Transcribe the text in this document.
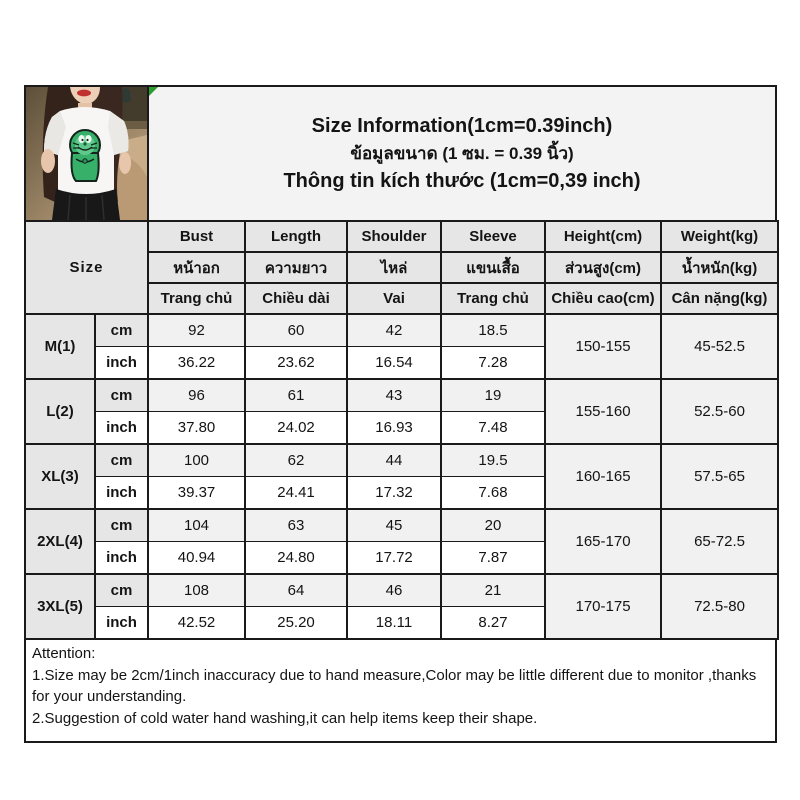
Size Information(1cm=0.39inch)
ข้อมูลขนาด (1 ซม. = 0.39 นิ้ว)
Thông tin kích thước (1cm=0,39 inch)
Size		Bust	Length	Shoulder	Sleeve	Height(cm)	Weight(kg)
		หน้าอก	ความยาว	ไหล่	แขนเสื้อ	ส่วนสูง(cm)	น้ำหนัก(kg)
		Trang chủ	Chiều dài	Vai	Trang chủ	Chiều cao(cm)	Cân nặng(kg)
M(1)	cm	92	60	42	18.5	150-155	45-52.5
	inch	36.22	23.62	16.54	7.28		
L(2)	cm	96	61	43	19	155-160	52.5-60
	inch	37.80	24.02	16.93	7.48		
XL(3)	cm	100	62	44	19.5	160-165	57.5-65
	inch	39.37	24.41	17.32	7.68		
2XL(4)	cm	104	63	45	20	165-170	65-72.5
	inch	40.94	24.80	17.72	7.87		
3XL(5)	cm	108	64	46	21	170-175	72.5-80
	inch	42.52	25.20	18.11	8.27		
Attention:
1.Size may be 2cm/1inch inaccuracy due to hand measure,Color may be little different due to monitor ,thanks
for your understanding.
2.Suggestion of cold water hand washing,it can help items keep their shape.
